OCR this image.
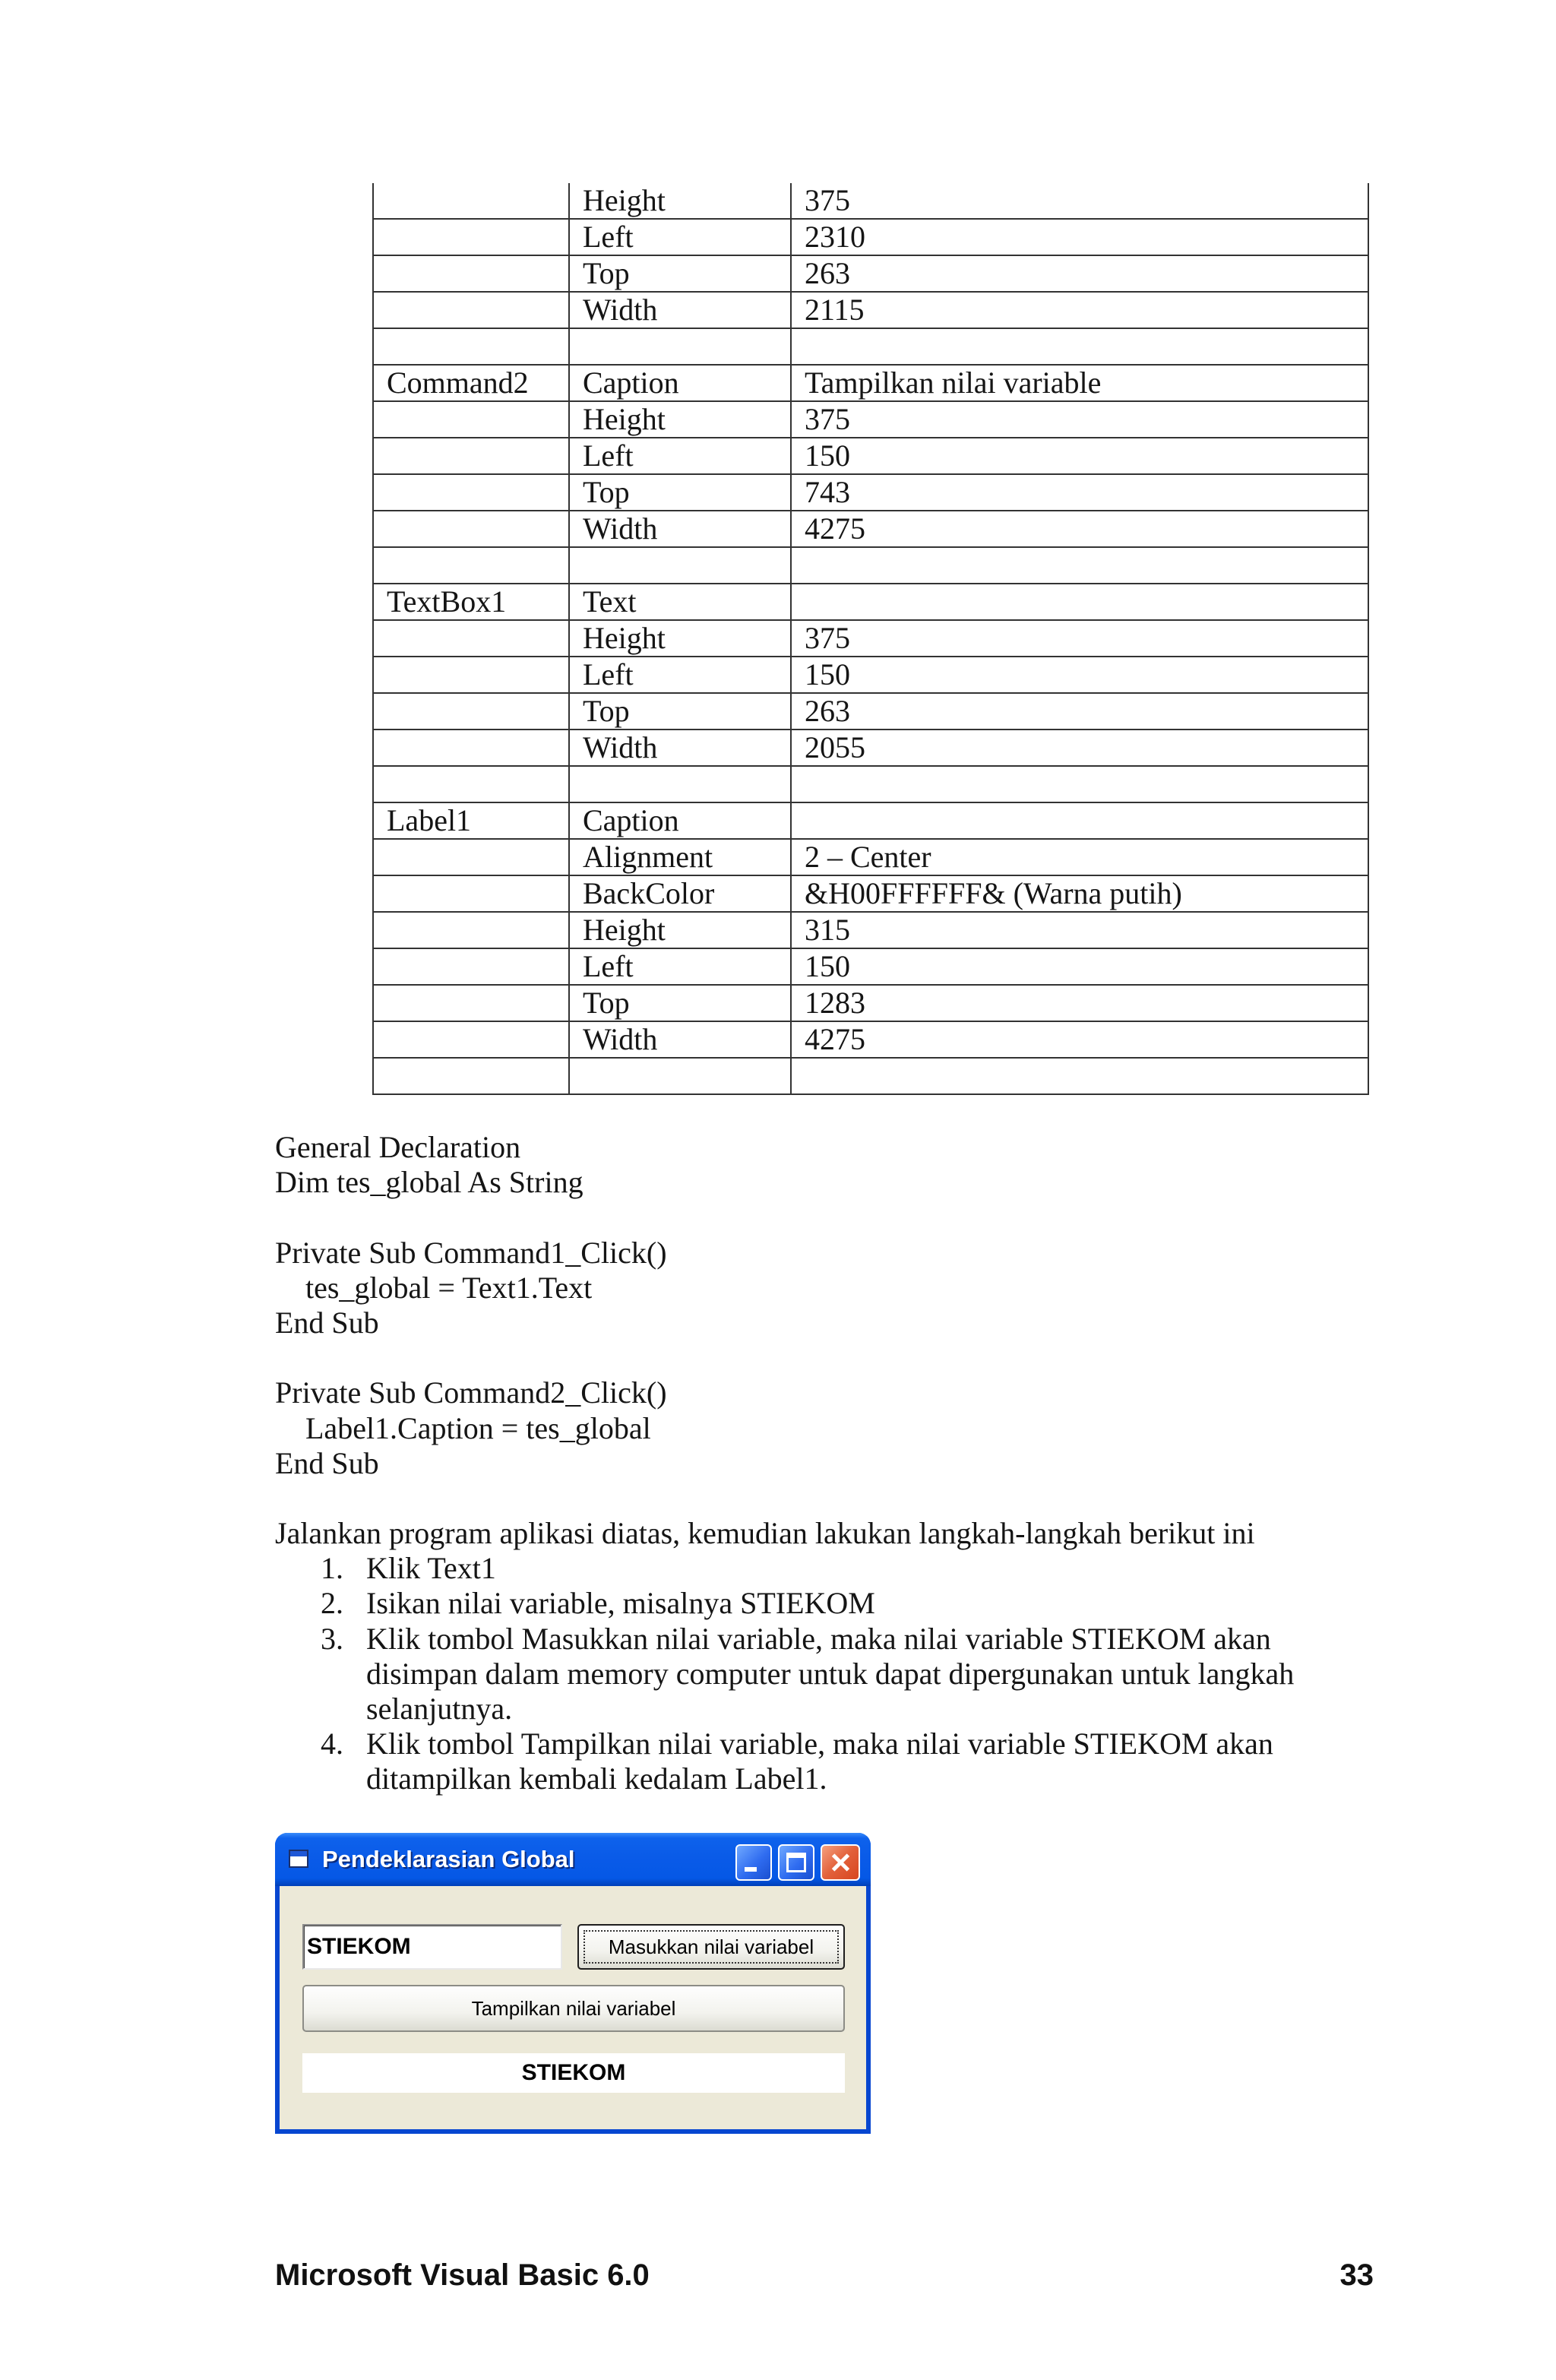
	Height	375
	Left	2310
	Top	263
	Width	2115

Command2	Caption	Tampilkan nilai variable
	Height	375
	Left	150
	Top	743
	Width	4275

TextBox1	Text	
	Height	375
	Left	150
	Top	263
	Width	2055

Label1	Caption	
	Alignment	2 – Center
	BackColor	&H00FFFFFF& (Warna putih)
	Height	315
	Left	150
	Top	1283
	Width	4275

General Declaration
Dim tes_global As String
Private Sub Command1_Click()
tes_global = Text1.Text
End Sub
Private Sub Command2_Click()
Label1.Caption = tes_global
End Sub
Jalankan program aplikasi diatas, kemudian lakukan langkah-langkah berikut ini
1. Klik Text1
2. Isikan nilai variable, misalnya STIEKOM
3. Klik tombol Masukkan nilai variable, maka nilai variable STIEKOM akan disimpan dalam memory computer untuk dapat dipergunakan untuk langkah selanjutnya.
4. Klik tombol Tampilkan nilai variable, maka nilai variable STIEKOM akan ditampilkan kembali kedalam Label1.
Pendeklarasian Global
STIEKOM	Masukkan nilai variabel
Tampilkan nilai variabel
STIEKOM
Microsoft Visual Basic 6.0	33
